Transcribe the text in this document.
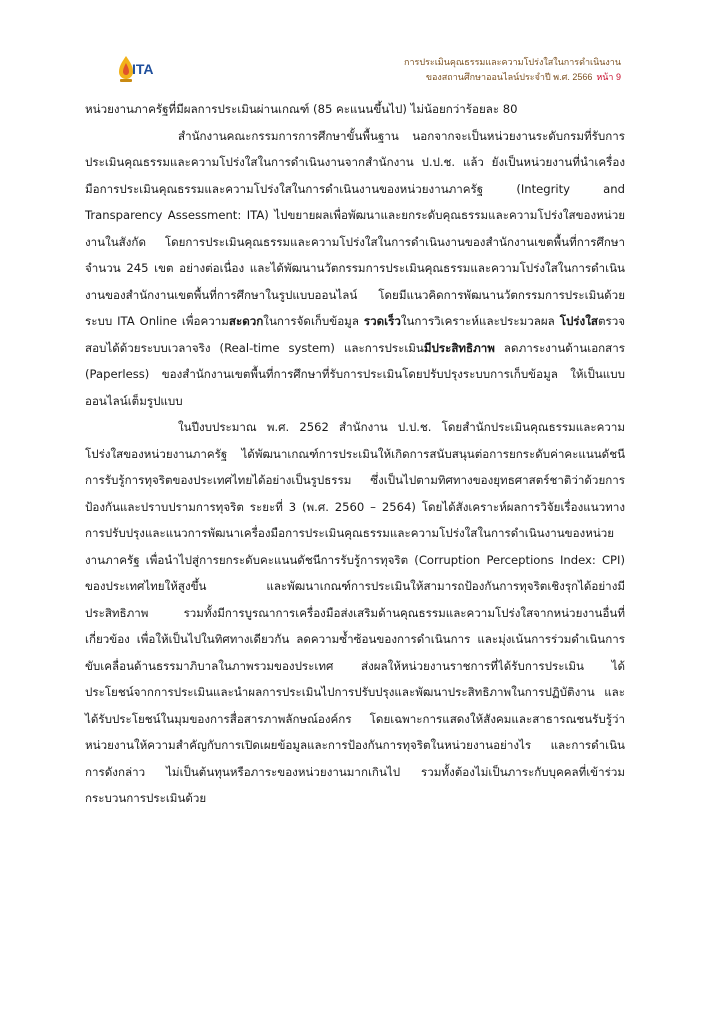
ITA	การประเมินคุณธรรมและความโปร่งใสในการดำเนินงาน
ของสถานศึกษาออนไลน์ประจำปี พ.ศ. 2566 หน้า 9

หน่วยงานภาครัฐที่มีผลการประเมินผ่านเกณฑ์ (85 คะแนนขึ้นไป) ไม่น้อยกว่าร้อยละ 80

สำนักงานคณะกรรมการการศึกษาขั้นพื้นฐาน นอกจากจะเป็นหน่วยงานระดับกรมที่รับการประเมินคุณธรรมและความโปร่งใสในการดำเนินงานจากสำนักงาน ป.ป.ช. แล้ว ยังเป็นหน่วยงานที่นำเครื่องมือการประเมินคุณธรรมและความโปร่งใสในการดำเนินงานของหน่วยงานภาครัฐ (Integrity and Transparency Assessment: ITA) ไปขยายผลเพื่อพัฒนาและยกระดับคุณธรรมและความโปร่งใสของหน่วยงานในสังกัด โดยการประเมินคุณธรรมและความโปร่งใสในการดำเนินงานของสำนักงานเขตพื้นที่การศึกษา จำนวน 245 เขต อย่างต่อเนื่อง และได้พัฒนานวัตกรรมการประเมินคุณธรรมและความโปร่งใสในการดำเนินงานของสำนักงานเขตพื้นที่การศึกษาในรูปแบบออนไลน์ โดยมีแนวคิดการพัฒนานวัตกรรมการประเมินด้วยระบบ ITA Online เพื่อความสะดวกในการจัดเก็บข้อมูล รวดเร็วในการวิเคราะห์และประมวลผล โปร่งใสตรวจสอบได้ด้วยระบบเวลาจริง (Real-time system) และการประเมินมีประสิทธิภาพ ลดภาระงานด้านเอกสาร (Paperless) ของสำนักงานเขตพื้นที่การศึกษาที่รับการประเมินโดยปรับปรุงระบบการเก็บข้อมูล ให้เป็นแบบออนไลน์เต็มรูปแบบ

ในปีงบประมาณ พ.ศ. 2562 สำนักงาน ป.ป.ช. โดยสำนักประเมินคุณธรรมและความโปร่งใสของหน่วยงานภาครัฐ ได้พัฒนาเกณฑ์การประเมินให้เกิดการสนับสนุนต่อการยกระดับค่าคะแนนดัชนีการรับรู้การทุจริตของประเทศไทยได้อย่างเป็นรูปธรรม ซึ่งเป็นไปตามทิศทางของยุทธศาสตร์ชาติว่าด้วยการป้องกันและปราบปรามการทุจริต ระยะที่ 3 (พ.ศ. 2560 – 2564) โดยได้สังเคราะห์ผลการวิจัยเรื่องแนวทางการปรับปรุงและแนวการพัฒนาเครื่องมือการประเมินคุณธรรมและความโปร่งใสในการดำเนินงานของหน่วยงานภาครัฐ เพื่อนำไปสู่การยกระดับคะแนนดัชนีการรับรู้การทุจริต (Corruption Perceptions Index: CPI) ของประเทศไทยให้สูงขึ้น และพัฒนาเกณฑ์การประเมินให้สามารถป้องกันการทุจริตเชิงรุกได้อย่างมีประสิทธิภาพ รวมทั้งมีการบูรณาการเครื่องมือส่งเสริมด้านคุณธรรมและความโปร่งใสจากหน่วยงานอื่นที่เกี่ยวข้อง เพื่อให้เป็นไปในทิศทางเดียวกัน ลดความซ้ำซ้อนของการดำเนินการ และมุ่งเน้นการร่วมดำเนินการขับเคลื่อนด้านธรรมาภิบาลในภาพรวมของประเทศ ส่งผลให้หน่วยงานราชการที่ได้รับการประเมิน ได้ประโยชน์จากการประเมินและนำผลการประเมินไปการปรับปรุงและพัฒนาประสิทธิภาพในการปฏิบัติงาน และได้รับประโยชน์ในมุมของการสื่อสารภาพลักษณ์องค์กร โดยเฉพาะการแสดงให้สังคมและสาธารณชนรับรู้ว่าหน่วยงานให้ความสำคัญกับการเปิดเผยข้อมูลและการป้องกันการทุจริตในหน่วยงานอย่างไร และการดำเนินการดังกล่าว ไม่เป็นต้นทุนหรือภาระของหน่วยงานมากเกินไป รวมทั้งต้องไม่เป็นภาระกับบุคคลที่เข้าร่วมกระบวนการประเมินด้วย
